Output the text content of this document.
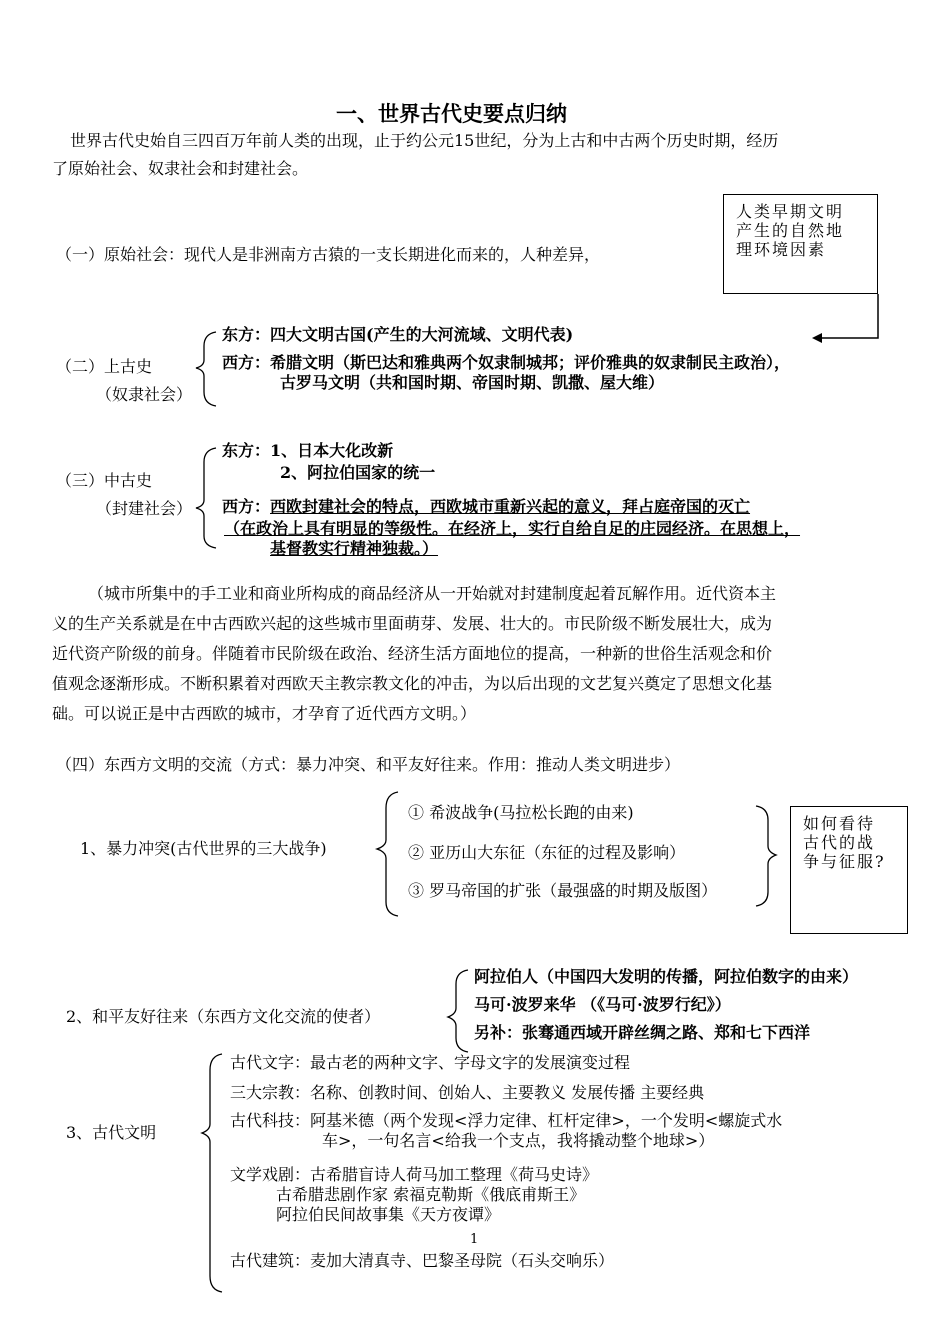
一、世界古代史要点归纳
世界古代史始自三四百万年前人类的出现，止于约公元15世纪，分为上古和中古两个历史时期，经历
了原始社会、奴隶社会和封建社会。
人类早期文明
产生的自然地
理环境因素
（一）原始社会：现代人是非洲南方古猿的一支长期进化而来的，人种差异，
（二）上古史
（奴隶社会）
东方：四大文明古国(产生的大河流域、文明代表)
西方：希腊文明（斯巴达和雅典两个奴隶制城邦；评价雅典的奴隶制民主政治），
古罗马文明（共和国时期、帝国时期、凯撒、屋大维）
（三）中古史
（封建社会）
东方：1、日本大化改新
2、阿拉伯国家的统一
西方：西欧封建社会的特点，西欧城市重新兴起的意义，拜占庭帝国的灭亡
（在政治上具有明显的等级性。在经济上，实行自给自足的庄园经济。在思想上，
基督教实行精神独裁。）
（城市所集中的手工业和商业所构成的商品经济从一开始就对封建制度起着瓦解作用。近代资本主
义的生产关系就是在中古西欧兴起的这些城市里面萌芽、发展、壮大的。市民阶级不断发展壮大，成为
近代资产阶级的前身。伴随着市民阶级在政治、经济生活方面地位的提高，一种新的世俗生活观念和价
值观念逐渐形成。不断积累着对西欧天主教宗教文化的冲击，为以后出现的文艺复兴奠定了思想文化基
础。可以说正是中古西欧的城市，才孕育了近代西方文明。）
（四）东西方文明的交流（方式：暴力冲突、和平友好往来。作用：推动人类文明进步）
1、暴力冲突(古代世界的三大战争)
① 希波战争(马拉松长跑的由来)
② 亚历山大东征（东征的过程及影响）
③ 罗马帝国的扩张（最强盛的时期及版图）
如何看待
古代的战
争与征服?
2、和平友好往来（东西方文化交流的使者）
阿拉伯人（中国四大发明的传播，阿拉伯数字的由来）
马可·波罗来华 （《马可·波罗行纪》）
另补：张骞通西域开辟丝绸之路、郑和七下西洋
3、古代文明
古代文字：最古老的两种文字、字母文字的发展演变过程
三大宗教：名称、创教时间、创始人、主要教义 发展传播 主要经典
古代科技：阿基米德（两个发现<浮力定律、杠杆定律>，一个发明<螺旋式水
车>，一句名言<给我一个支点，我将撬动整个地球>）
文学戏剧：古希腊盲诗人荷马加工整理《荷马史诗》
古希腊悲剧作家 索福克勒斯《俄底甫斯王》
阿拉伯民间故事集《天方夜谭》
1
古代建筑：麦加大清真寺、巴黎圣母院（石头交响乐）
